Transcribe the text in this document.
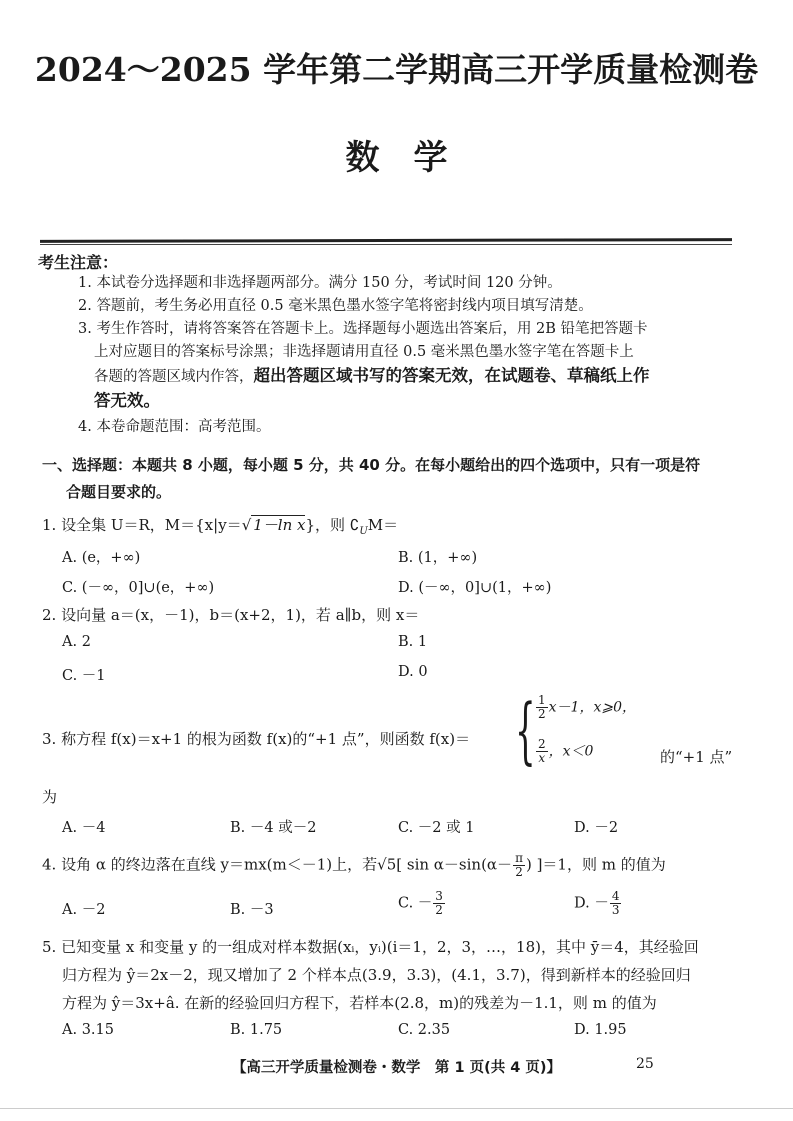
2024～2025 学年第二学期高三开学质量检测卷
数　学
考生注意：
1. 本试卷分选择题和非选择题两部分。满分 150 分，考试时间 120 分钟。
2. 答题前，考生务必用直径 0.5 毫米黑色墨水签字笔将密封线内项目填写清楚。
3. 考生作答时，请将答案答在答题卡上。选择题每小题选出答案后，用 2B 铅笔把答题卡
上对应题目的答案标号涂黑；非选择题请用直径 0.5 毫米黑色墨水签字笔在答题卡上
各题的答题区域内作答，超出答题区域书写的答案无效，在试题卷、草稿纸上作
答无效。
4. 本卷命题范围：高考范围。
一、选择题：本题共 8 小题，每小题 5 分，共 40 分。在每小题给出的四个选项中，只有一项是符
合题目要求的。
1. 设全集 U＝R，M＝{x|y＝√ 1－ln x}，则 $∁_UM=$
A. (e，+∞)	B. (1，+∞)
C. (－∞，0]∪(e，+∞)	D. (－∞，0]∪(1，+∞)
2. 设向量 a＝(x，－1)，b＝(x+2，1)，若 a∥b，则 x＝
A. 2	B. 1
C. －1	D. 0
3. 称方程 f(x)＝x+1 的根为函数 f(x)的“+1 点”，则函数 f(x)＝ { $\frac{1}{2} x-1$，x⩾0，
$\frac{2}{x}$ ，x＜0	的“+1 点”
为
A. －4	B. －4 或－2	C. －2 或 1	D. －2
4. 设角 α 的终边落在直线 y＝mx(m＜－1)上，若√5[ $\sin \alpha-\sin(\alpha- \frac{\pi}{2}$ ) ]＝1，则 m 的值为
A. －2	B. －3	C. － $\frac{3}{2}$	D. － $\frac{4}{3}$
5. 已知变量 x 和变量 y 的一组成对样本数据(xᵢ，yᵢ)(i＝1，2，3，…，18)，其中 ȳ＝4，其经验回
归方程为 ŷ＝2x－2，现又增加了 2 个样本点(3.9，3.3)，(4.1，3.7)，得到新样本的经验回归
方程为 ŷ＝3x+â. 在新的经验回归方程下，若样本(2.8，m)的残差为－1.1，则 m 的值为
A. 3.15	B. 1.75	C. 2.35	D. 1.95
【高三开学质量检测卷・数学　第 1 页(共 4 页)】	25
